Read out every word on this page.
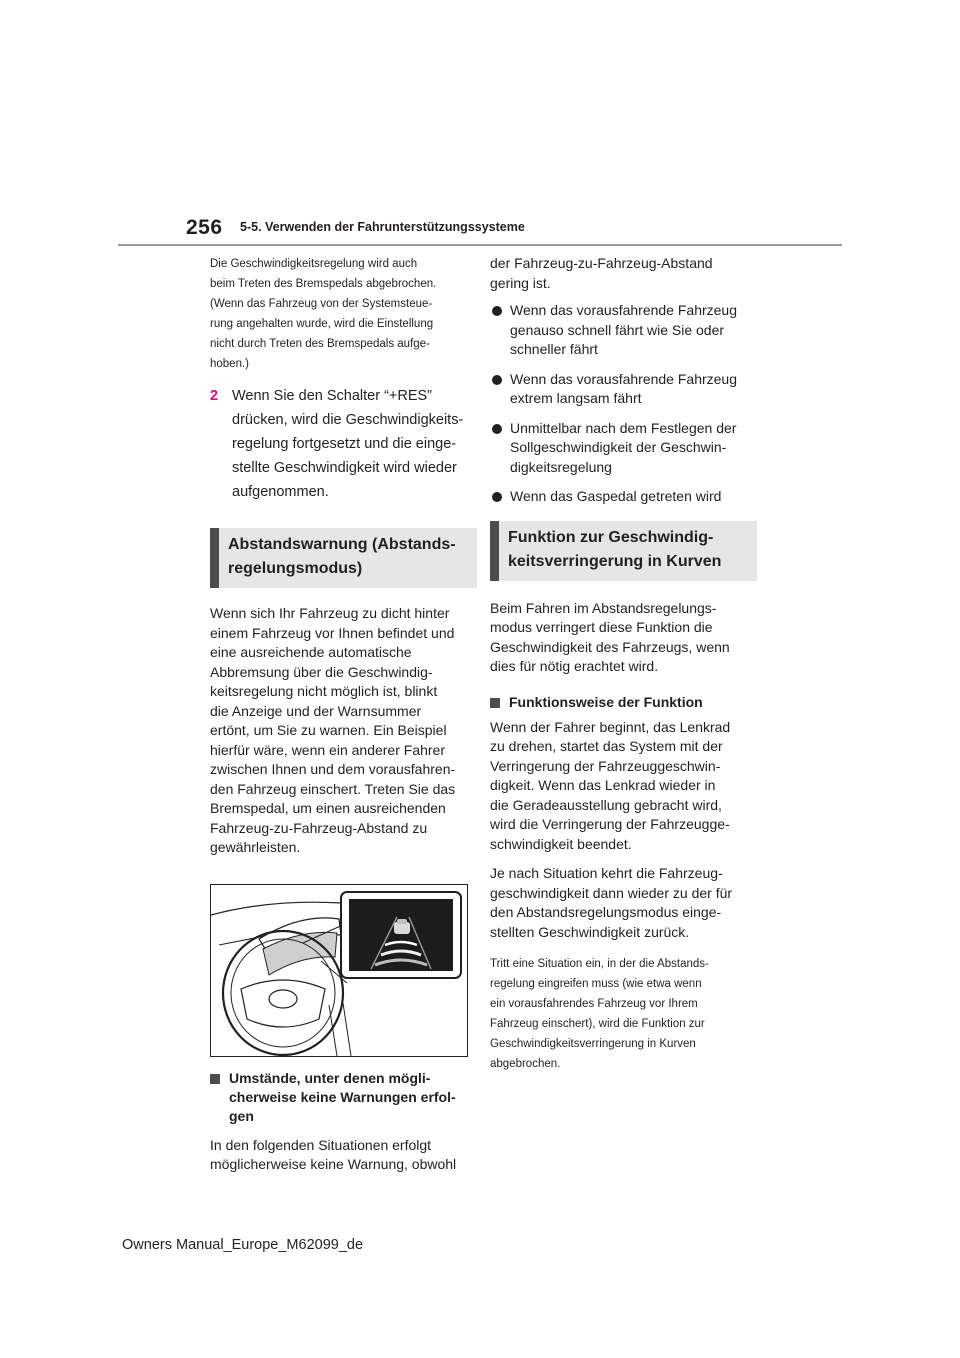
256 5-5. Verwenden der Fahrunterstützungssysteme

Die Geschwindigkeitsregelung wird auch

beim Treten des Bremspedals abgebrochen.

(Wenn das Fahrzeug von der Systemsteue-

rung angehalten wurde, wird die Einstellung

nicht durch Treten des Bremspedals aufge-

hoben.)

2 Wenn Sie den Schalter “+RES”
drücken, wird die Geschwindigkeits-
regelung fortgesetzt und die einge-
stellte Geschwindigkeit wird wieder
aufgenommen.
Abstandswarnung (Abstands-
regelungsmodus)

Wenn sich Ihr Fahrzeug zu dicht hinter

einem Fahrzeug vor Ihnen befindet und

eine ausreichende automatische

Abbremsung über die Geschwindig-

keitsregelung nicht möglich ist, blinkt

die Anzeige und der Warnsummer

ertönt, um Sie zu warnen. Ein Beispiel

hierfür wäre, wenn ein anderer Fahrer

zwischen Ihnen und dem vorausfahren-

den Fahrzeug einschert. Treten Sie das

Bremspedal, um einen ausreichenden

Fahrzeug-zu-Fahrzeug-Abstand zu

gewährleisten.

Umstände, unter denen mögli-
cherweise keine Warnungen erfol-
gen

In den folgenden Situationen erfolgt

möglicherweise keine Warnung, obwohl

der Fahrzeug-zu-Fahrzeug-Abstand

gering ist.

Wenn das vorausfahrende Fahrzeug
genauso schnell fährt wie Sie oder
schneller fährt
Wenn das vorausfahrende Fahrzeug
extrem langsam fährt
Unmittelbar nach dem Festlegen der
Sollgeschwindigkeit der Geschwin-
digkeitsregelung
Wenn das Gaspedal getreten wird
Funktion zur Geschwindig-
keitsverringerung in Kurven

Beim Fahren im Abstandsregelungs-

modus verringert diese Funktion die

Geschwindigkeit des Fahrzeugs, wenn

dies für nötig erachtet wird.

Funktionsweise der Funktion

Wenn der Fahrer beginnt, das Lenkrad

zu drehen, startet das System mit der

Verringerung der Fahrzeuggeschwin-

digkeit. Wenn das Lenkrad wieder in

die Geradeausstellung gebracht wird,

wird die Verringerung der Fahrzeugge-

schwindigkeit beendet.

Je nach Situation kehrt die Fahrzeug-

geschwindigkeit dann wieder zu der für

den Abstandsregelungsmodus einge-

stellten Geschwindigkeit zurück.

Tritt eine Situation ein, in der die Abstands-

regelung eingreifen muss (wie etwa wenn

ein vorausfahrendes Fahrzeug vor Ihrem

Fahrzeug einschert), wird die Funktion zur

Geschwindigkeitsverringerung in Kurven

abgebrochen.

Owners Manual_Europe_M62099_de
